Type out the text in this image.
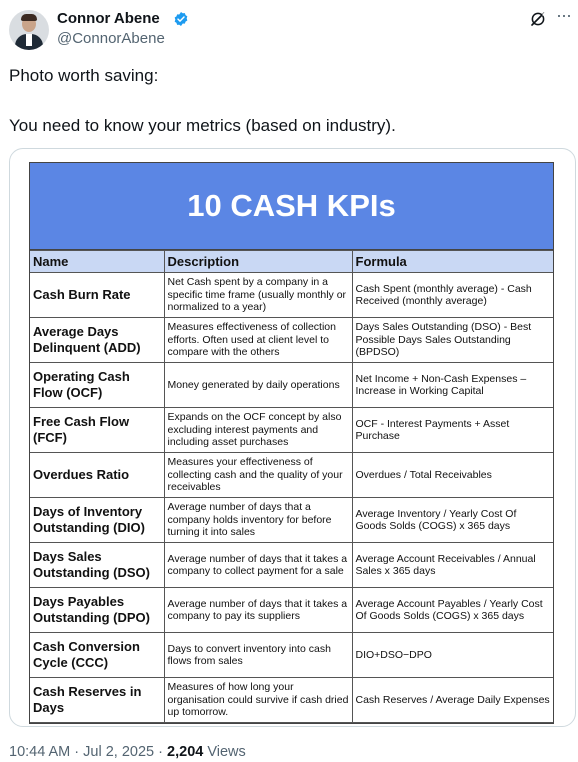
Connor Abene
@ConnorAbene
···

Photo worth saving:

You need to know your metrics (based on industry).

10 CASH KPIs
Name	Description	Formula
Cash Burn Rate	Net Cash spent by a company in a specific time frame (usually monthly or normalized to a year)	Cash Spent (monthly average) - Cash Received (monthly average)
Average Days Delinquent (ADD)	Measures effectiveness of collection efforts. Often used at client level to compare with the others	Days Sales Outstanding (DSO) - Best Possible Days Sales Outstanding (BPDSO)
Operating Cash Flow (OCF)	Money generated by daily operations	Net Income + Non-Cash Expenses – Increase in Working Capital
Free Cash Flow (FCF)	Expands on the OCF concept by also excluding interest payments and including asset purchases	OCF - Interest Payments + Asset Purchase
Overdues Ratio	Measures your effectiveness of collecting cash and the quality of your receivables	Overdues / Total Receivables
Days of Inventory Outstanding (DIO)	Average number of days that a company holds inventory for before turning it into sales	Average Inventory / Yearly Cost Of Goods Solds (COGS) x 365 days
Days Sales Outstanding (DSO)	Average number of days that it takes a company to collect payment for a sale	Average Account Receivables / Annual Sales x 365 days
Days Payables Outstanding (DPO)	Average number of days that it takes a company to pay its suppliers	Average Account Payables / Yearly Cost Of Goods Solds (COGS) x 365 days
Cash Conversion Cycle (CCC)	Days to convert inventory into cash flows from sales	DIO+DSO−DPO
Cash Reserves in Days	Measures of how long your organisation could survive if cash dried up tomorrow.	Cash Reserves / Average Daily Expenses
10:44 AM · Jul 2, 2025 · 2,204 Views
